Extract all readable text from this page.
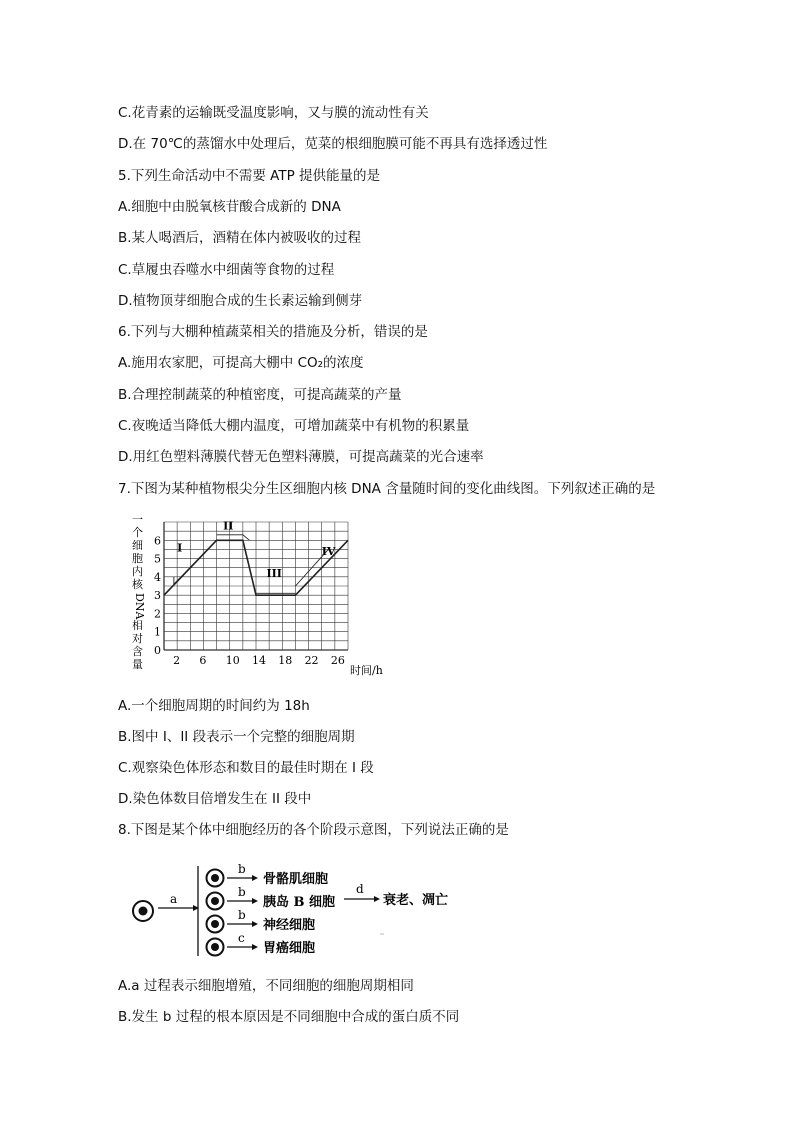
C.花青素的运输既受温度影响，又与膜的流动性有关
D.在 70℃的蒸馏水中处理后，苋菜的根细胞膜可能不再具有选择透过性
5.下列生命活动中不需要 ATP 提供能量的是
A.细胞中由脱氧核苷酸合成新的 DNA
B.某人喝酒后，酒精在体内被吸收的过程
C.草履虫吞噬水中细菌等食物的过程
D.植物顶芽细胞合成的生长素运输到侧芽
6.下列与大棚种植蔬菜相关的措施及分析，错误的是
A.施用农家肥，可提高大棚中 CO₂的浓度
B.合理控制蔬菜的种植密度，可提高蔬菜的产量
C.夜晚适当降低大棚内温度，可增加蔬菜中有机物的积累量
D.用红色塑料薄膜代替无色塑料薄膜，可提高蔬菜的光合速率
7.下图为某种植物根尖分生区细胞内核 DNA 含量随时间的变化曲线图。下列叙述正确的是
A.一个细胞周期的时间约为 18h
B.图中 I、II 段表示一个完整的细胞周期
C.观察染色体形态和数目的最佳时期在 I 段
D.染色体数目倍增发生在 II 段中
8.下图是某个体中细胞经历的各个阶段示意图，下列说法正确的是
A.a 过程表示细胞增殖，不同细胞的细胞周期相同
B.发生 b 过程的根本原因是不同细胞中合成的蛋白质不同
一
个
细
胞
内
核
DNA
相
对
含
量	2 6 10 14 18 22 26
0
1
2
3
4
5
6
I
II
III
IV
时间/h
a
b
骨骼肌细胞
b
胰岛 B 细胞
b
神经细胞
c
胃癌细胞
d
衰老、凋亡
